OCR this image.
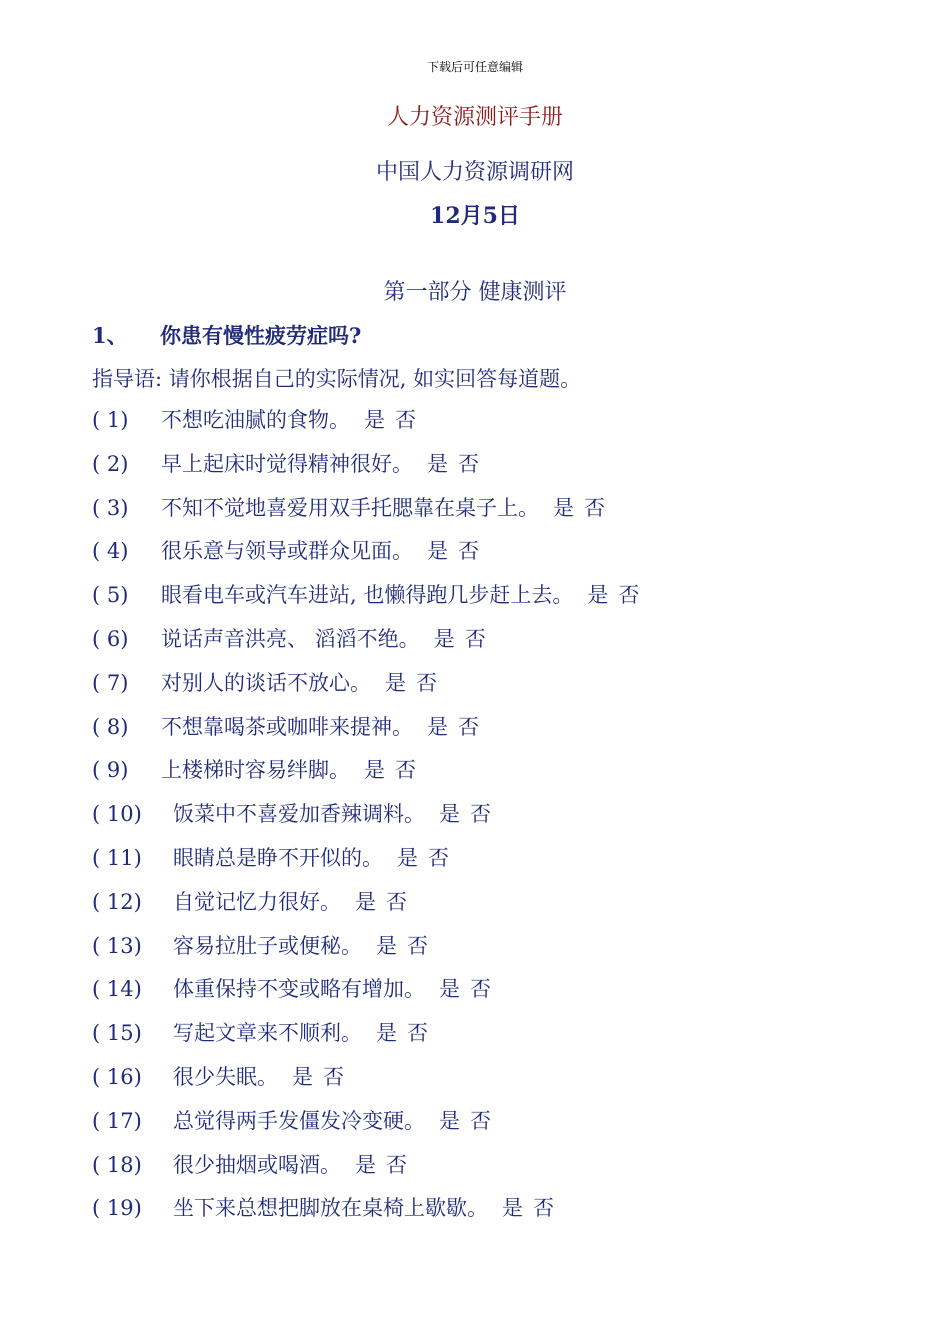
下载后可任意编辑
人力资源测评手册
中国人力资源调研网
12月5日
第一部分 健康测评
1、 你患有慢性疲劳症吗?
指导语: 请你根据自己的实际情况, 如实回答每道题。
( 1) 不想吃油腻的食物。 是 否
( 2) 早上起床时觉得精神很好。 是 否
( 3) 不知不觉地喜爱用双手托腮靠在桌子上。 是 否
( 4) 很乐意与领导或群众见面。 是 否
( 5) 眼看电车或汽车进站, 也懒得跑几步赶上去。 是 否
( 6) 说话声音洪亮、 滔滔不绝。 是 否
( 7) 对别人的谈话不放心。 是 否
( 8) 不想靠喝茶或咖啡来提神。 是 否
( 9) 上楼梯时容易绊脚。 是 否
( 10) 饭菜中不喜爱加香辣调料。 是 否
( 11) 眼睛总是睁不开似的。 是 否
( 12) 自觉记忆力很好。 是 否
( 13) 容易拉肚子或便秘。 是 否
( 14) 体重保持不变或略有增加。 是 否
( 15) 写起文章来不顺利。 是 否
( 16) 很少失眠。 是 否
( 17) 总觉得两手发僵发冷变硬。 是 否
( 18) 很少抽烟或喝酒。 是 否
( 19) 坐下来总想把脚放在桌椅上歇歇。 是 否
